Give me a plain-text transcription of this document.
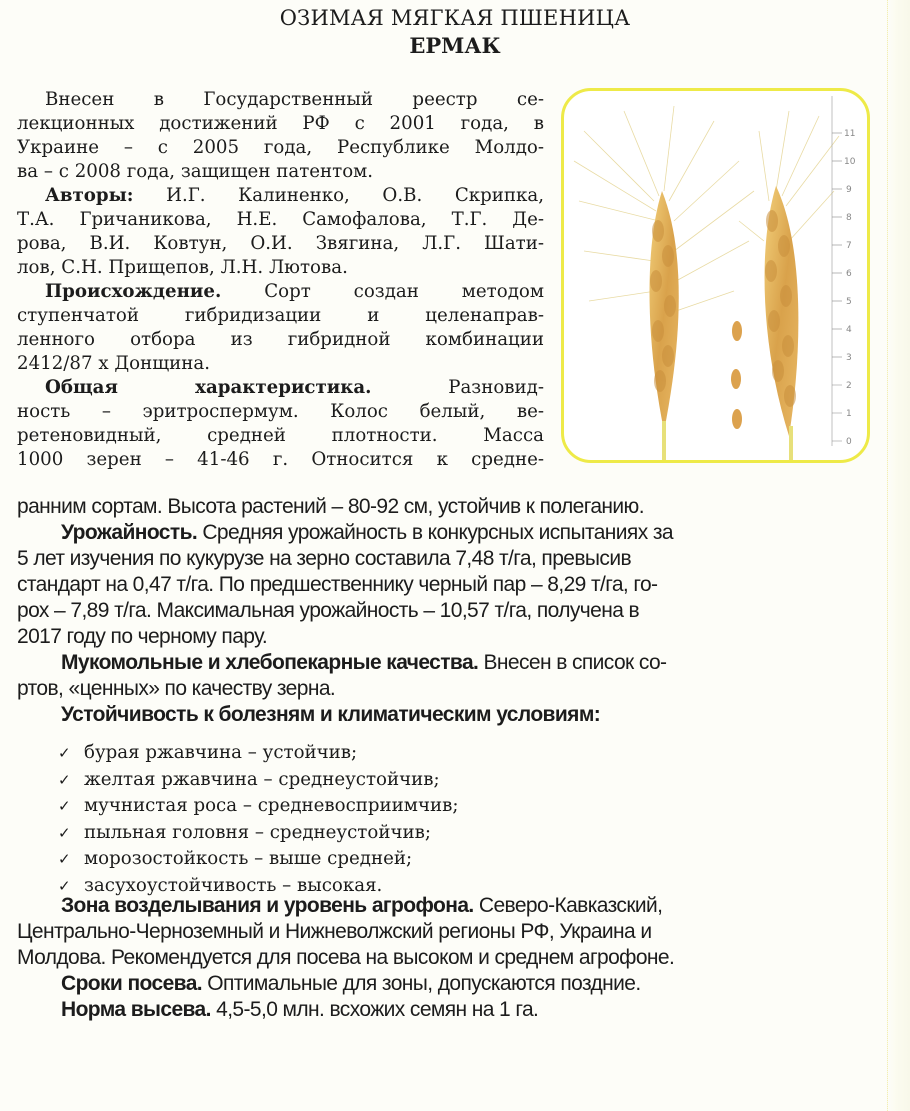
ОЗИМАЯ МЯГКАЯ ПШЕНИЦА
ЕРМАК
0
1
2
3
4
5
6
7
8
9
10
11

Внесен в Государственный реестр се-

лекционных достижений РФ с 2001 года, в
Украине – с 2005 года, Республике Молдо-
ва – с 2008 года, защищен патентом.
Авторы: И.Г. Калиненко, О.В. Скрипка,
Т.А. Гричаникова, Н.Е. Самофалова, Т.Г. Де-
рова, В.И. Ковтун, О.И. Звягина, Л.Г. Шати-
лов, С.Н. Прищепов, Л.Н. Лютова.
Происхождение. Сорт создан методом
ступенчатой гибридизации и целенаправ-
ленного отбора из гибридной комбинации
2412/87 х Донщина.
Общая характеристика. Разновид-
ность – эритроспермум. Колос белый, ве-
ретеновидный, средней плотности. Масса
1000 зерен – 41-46 г. Относится к средне-
ранним сортам. Высота растений – 80-92 см, устойчив к полеганию.
Урожайность. Средняя урожайность в конкурсных испытаниях за
5 лет изучения по кукурузе на зерно составила 7,48 т/га, превысив
стандарт на 0,47 т/га. По предшественнику черный пар – 8,29 т/га, го-
рох – 7,89 т/га. Максимальная урожайность – 10,57 т/га, получена в
2017 году по черному пару.
Мукомольные и хлебопекарные качества. Внесен в список со-
ртов, «ценных» по качеству зерна.
Устойчивость к болезням и климатическим условиям:
✓ бурая ржавчина – устойчив;
✓ желтая ржавчина – среднеустойчив;
✓ мучнистая роса – средневосприимчив;
✓ пыльная головня – среднеустойчив;
✓ морозостойкость – выше средней;
✓ засухоустойчивость – высокая.
Зона возделывания и уровень агрофона. Северо-Кавказский,
Центрально-Черноземный и Нижневолжский регионы РФ, Украина и
Молдова. Рекомендуется для посева на высоком и среднем агрофоне.
Сроки посева. Оптимальные для зоны, допускаются поздние.
Норма высева. 4,5-5,0 млн. всхожих семян на 1 га.
